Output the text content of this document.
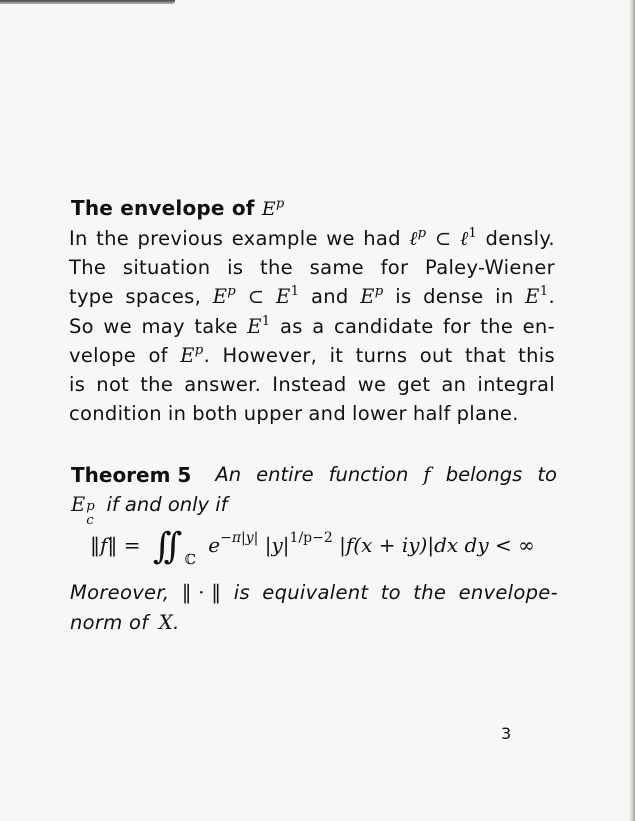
The envelope of $E^p$
In the previous example we had ℓ$^p$ ⊂ ℓ$^1$ densly.
The situation is the same for Paley-Wiener
type spaces, $E^p$ ⊂ $E^1$ and $E^p$ is dense in $E^1$.
So we may take $E^1$ as a candidate for the en-
velope of $E^p$. However, it turns out that this
is not the answer. Instead we get an integral
condition in both upper and lower half plane.
Theorem 5 An entire function f belongs to
E p
c
if and only if
‖f‖ = ∫∫ $_ℂ$ $e^{-\pi|y|}$ $|y|^{1/p-2}$ |f(x + iy)|dx dy < ∞
Moreover, ‖ · ‖ is equivalent to the envelope-
norm of X.
3
